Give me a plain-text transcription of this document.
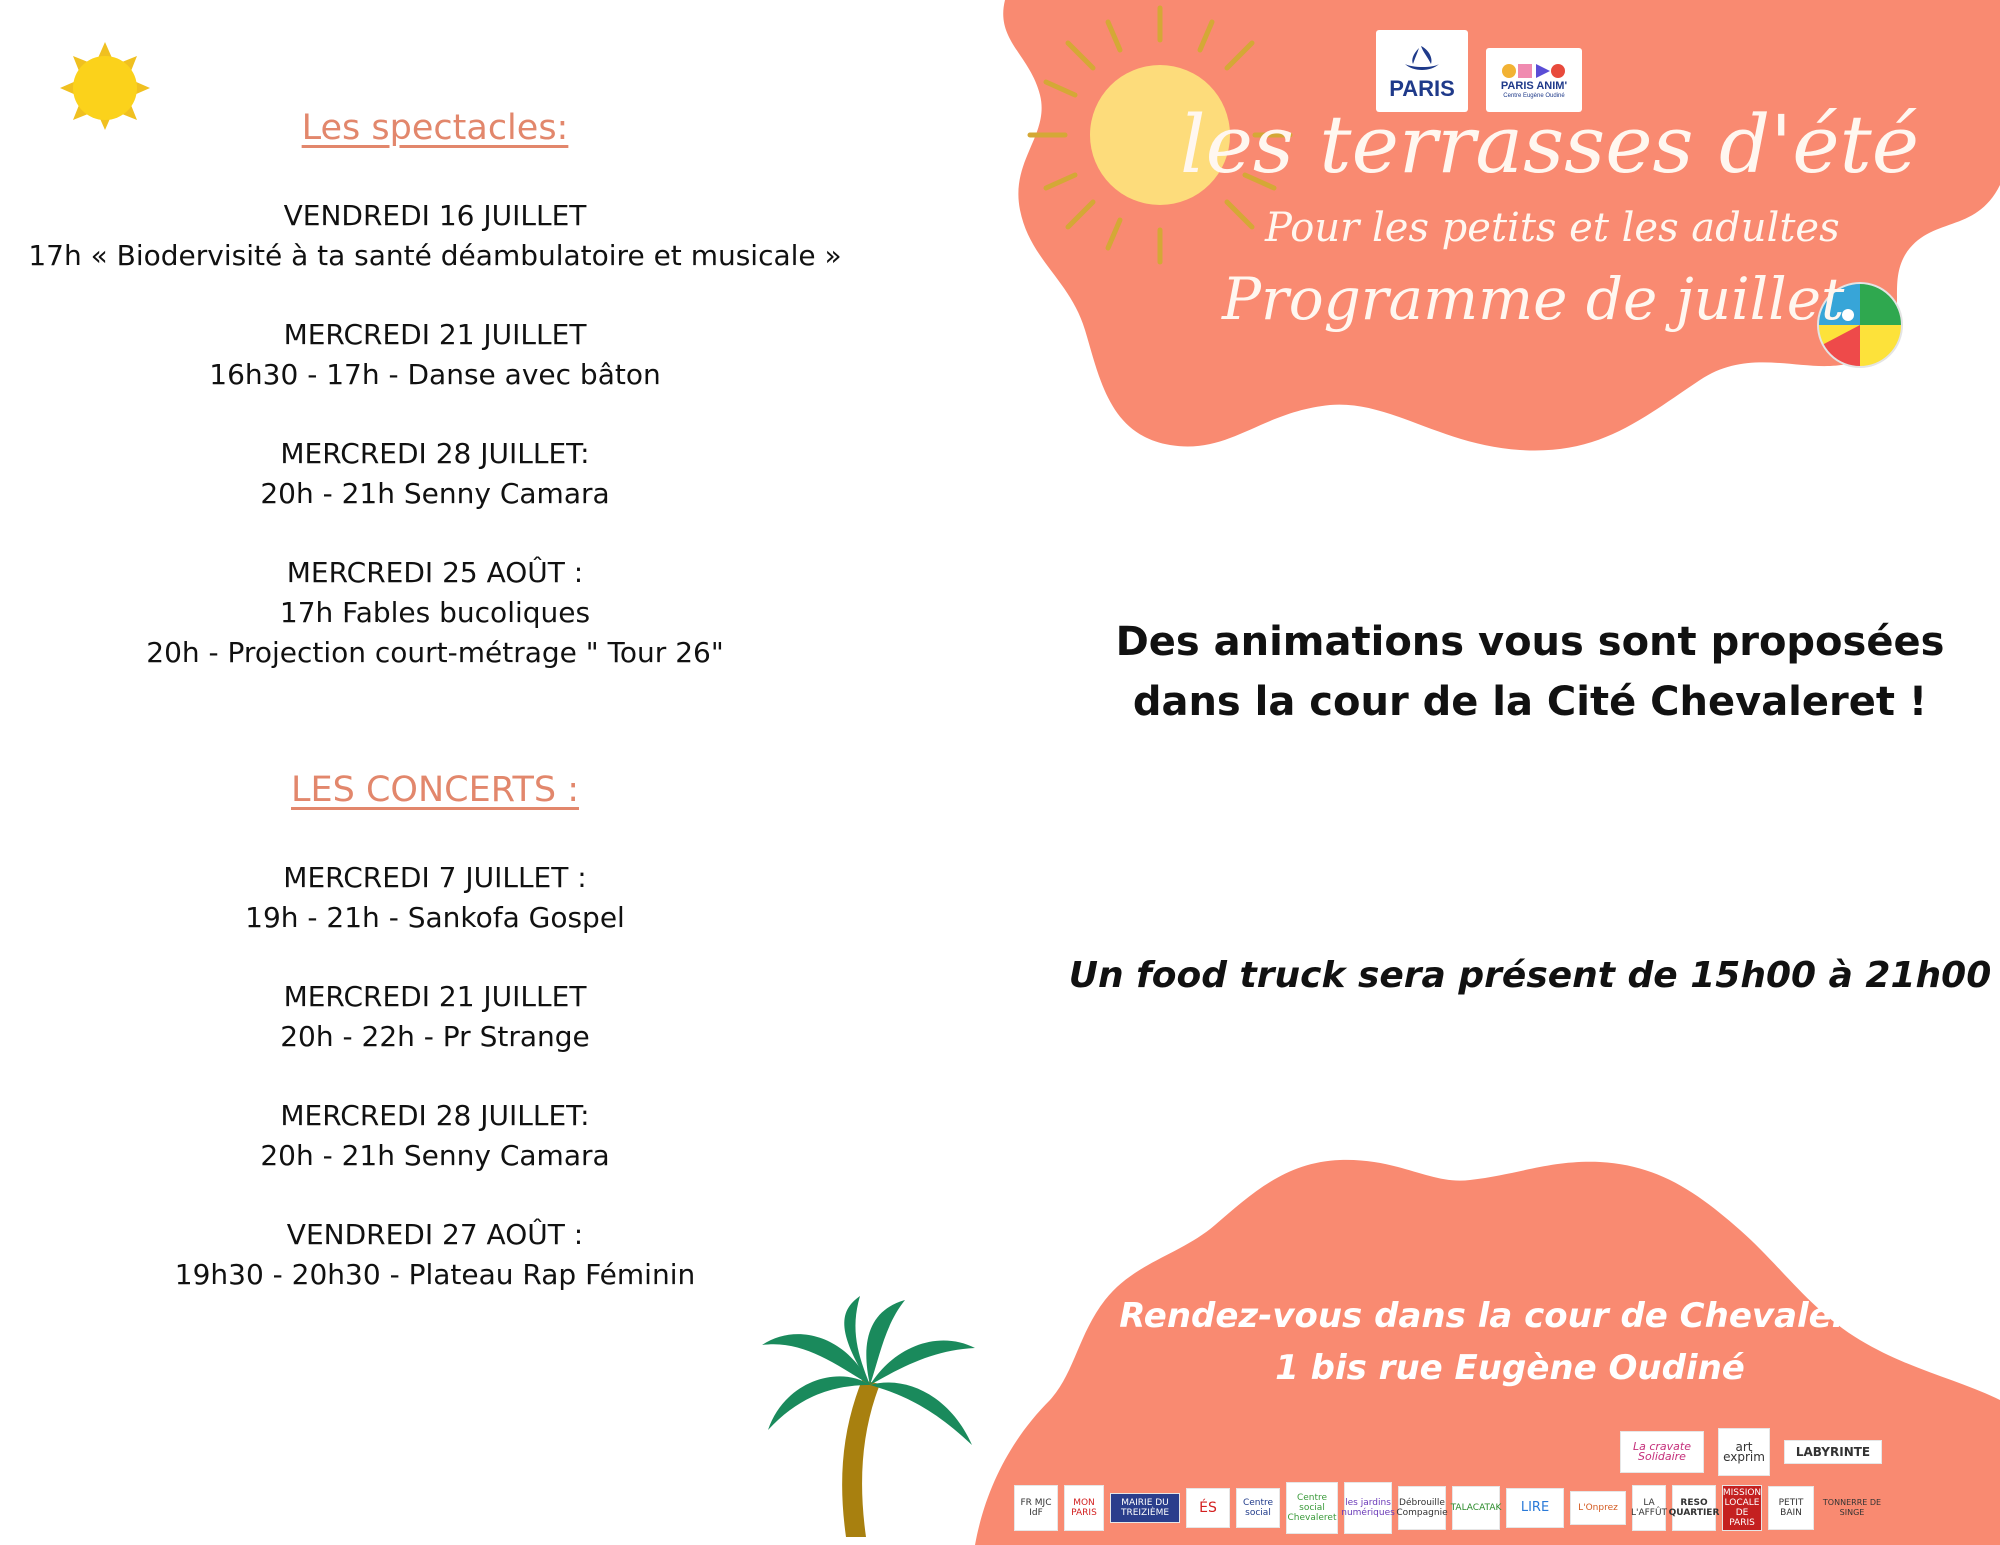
Les spectacles:
VENDREDI 16 JUILLET
17h « Biodervisité à ta santé déambulatoire et musicale »
MERCREDI 21 JUILLET
16h30 - 17h - Danse avec bâton
MERCREDI 28 JUILLET:
20h - 21h Senny Camara
MERCREDI 25 AOÛT :
17h Fables bucoliques
20h - Projection court-métrage " Tour 26"
LES CONCERTS :
MERCREDI 7 JUILLET :
19h - 21h - Sankofa Gospel
MERCREDI 21 JUILLET
20h - 22h - Pr Strange
MERCREDI 28 JUILLET:
20h - 21h Senny Camara
VENDREDI 27 AOÛT :
19h30 - 20h30 - Plateau Rap Féminin
PARIS	PARIS ANIM'
Centre Eugène Oudiné
les terrasses d'été
Pour les petits et les adultes
Programme de juillet
Des animations vous sont proposées
dans la cour de la Cité Chevaleret !
Un food truck sera présent de 15h00 à 21h00
Rendez-vous dans la cour de Chevaleret,
1 bis rue Eugène Oudiné
La cravate Solidaire
art exprim	LABYRINTE
FR MJC IdF
MON PARIS
MAIRIE DU TREIZIÈME	ÉS	Centre social
Centre social Chevaleret
les jardins numériques
Débrouille Compagnie TALACATAK	LIRE	L'Onprez	LA L'AFFÛT
RESO QUARTIER
MISSION LOCALE DE PARIS
PETIT BAIN
TONNERRE DE SINGE
